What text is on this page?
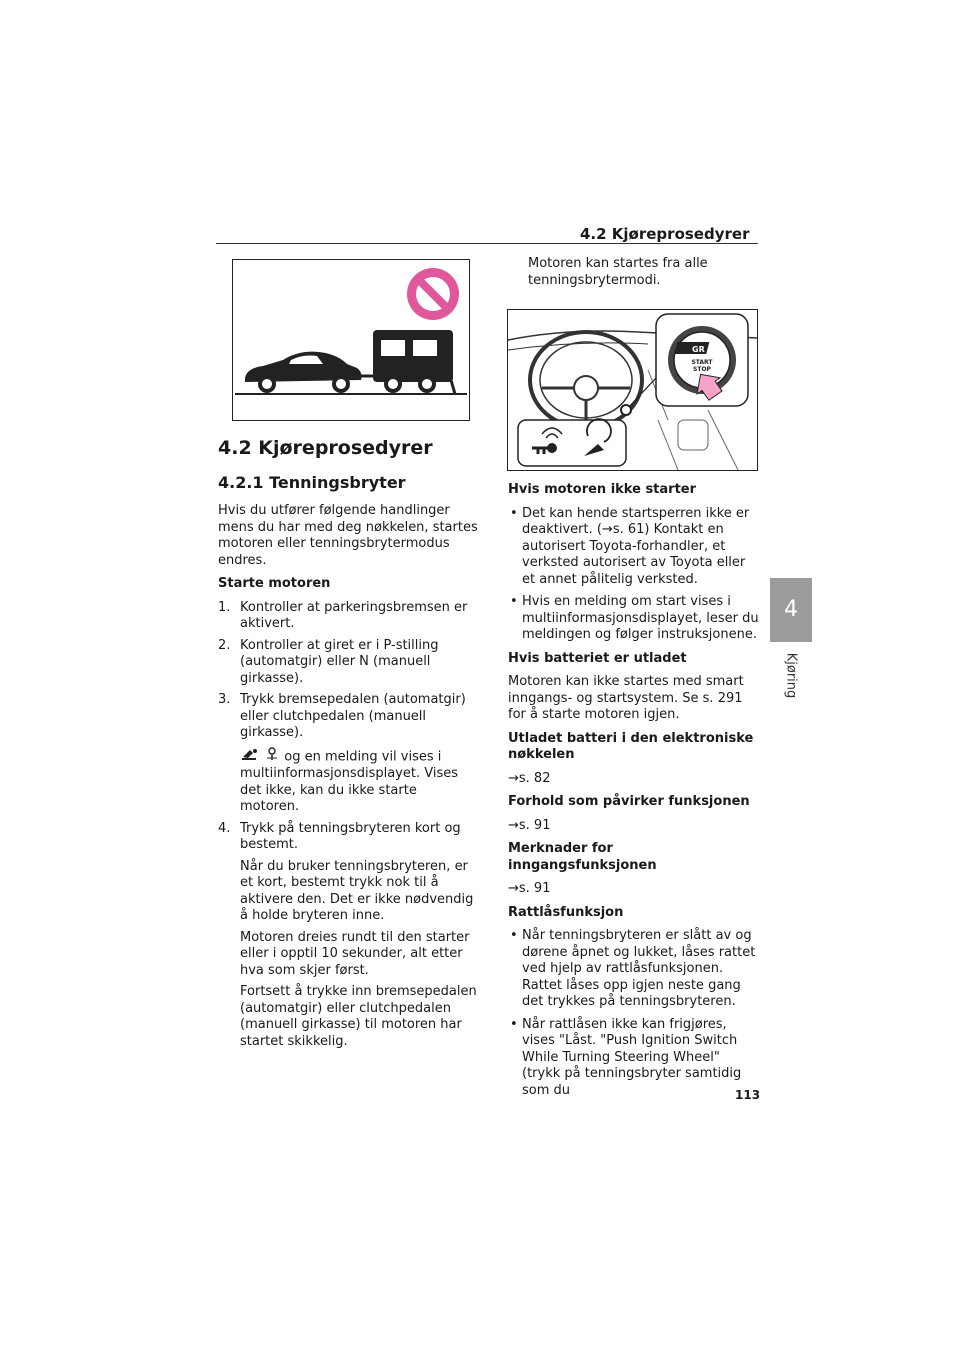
4.2 Kjøreprosedyrer
4
Kjøring
4.2 Kjøreprosedyrer
4.2.1 Tenningsbryter

Hvis du utfører følgende handlinger mens du har med deg nøkkelen, startes motoren eller tenningsbrytermodus endres.

Starte motoren

1. Kontroller at parkeringsbremsen er aktivert.
2. Kontroller at giret er i P-stilling (automatgir) eller N (manuell girkasse).
3. Trykk bremsepedalen (automatgir) eller clutchpedalen (manuell girkasse).
og en melding vil vises i multiinformasjonsdisplayet. Vises det ikke, kan du ikke starte motoren.
4. Trykk på tenningsbryteren kort og bestemt.
Når du bruker tenningsbryteren, er et kort, bestemt trykk nok til å aktivere den. Det er ikke nødvendig å holde bryteren inne.
Motoren dreies rundt til den starter eller i opptil 10 sekunder, alt etter hva som skjer først.
Fortsett å trykke inn bremsepedalen (automatgir) eller clutchpedalen (manuell girkasse) til motoren har startet skikkelig.
Motoren kan startes fra alle tenningsbrytermodi.
GR
START
STOP

Hvis motoren ikke starter

• Det kan hende startsperren ikke er deaktivert. (→s. 61) Kontakt en autorisert Toyota-forhandler, et verksted autorisert av Toyota eller et annet pålitelig verksted.
• Hvis en melding om start vises i multiinformasjonsdisplayet, leser du meldingen og følger instruksjonene.

Hvis batteriet er utladet

Motoren kan ikke startes med smart inngangs- og startsystem. Se s. 291 for å starte motoren igjen.

Utladet batteri i den elektroniske nøkkelen

→s. 82

Forhold som påvirker funksjonen

→s. 91

Merknader for inngangsfunksjonen

→s. 91

Rattlåsfunksjon

• Når tenningsbryteren er slått av og dørene åpnet og lukket, låses rattet ved hjelp av rattlåsfunksjonen. Rattet låses opp igjen neste gang det trykkes på tenningsbryteren.
• Når rattlåsen ikke kan frigjøres, vises "Låst. "Push Ignition Switch While Turning Steering Wheel" (trykk på tenningsbryter samtidig som du	113
